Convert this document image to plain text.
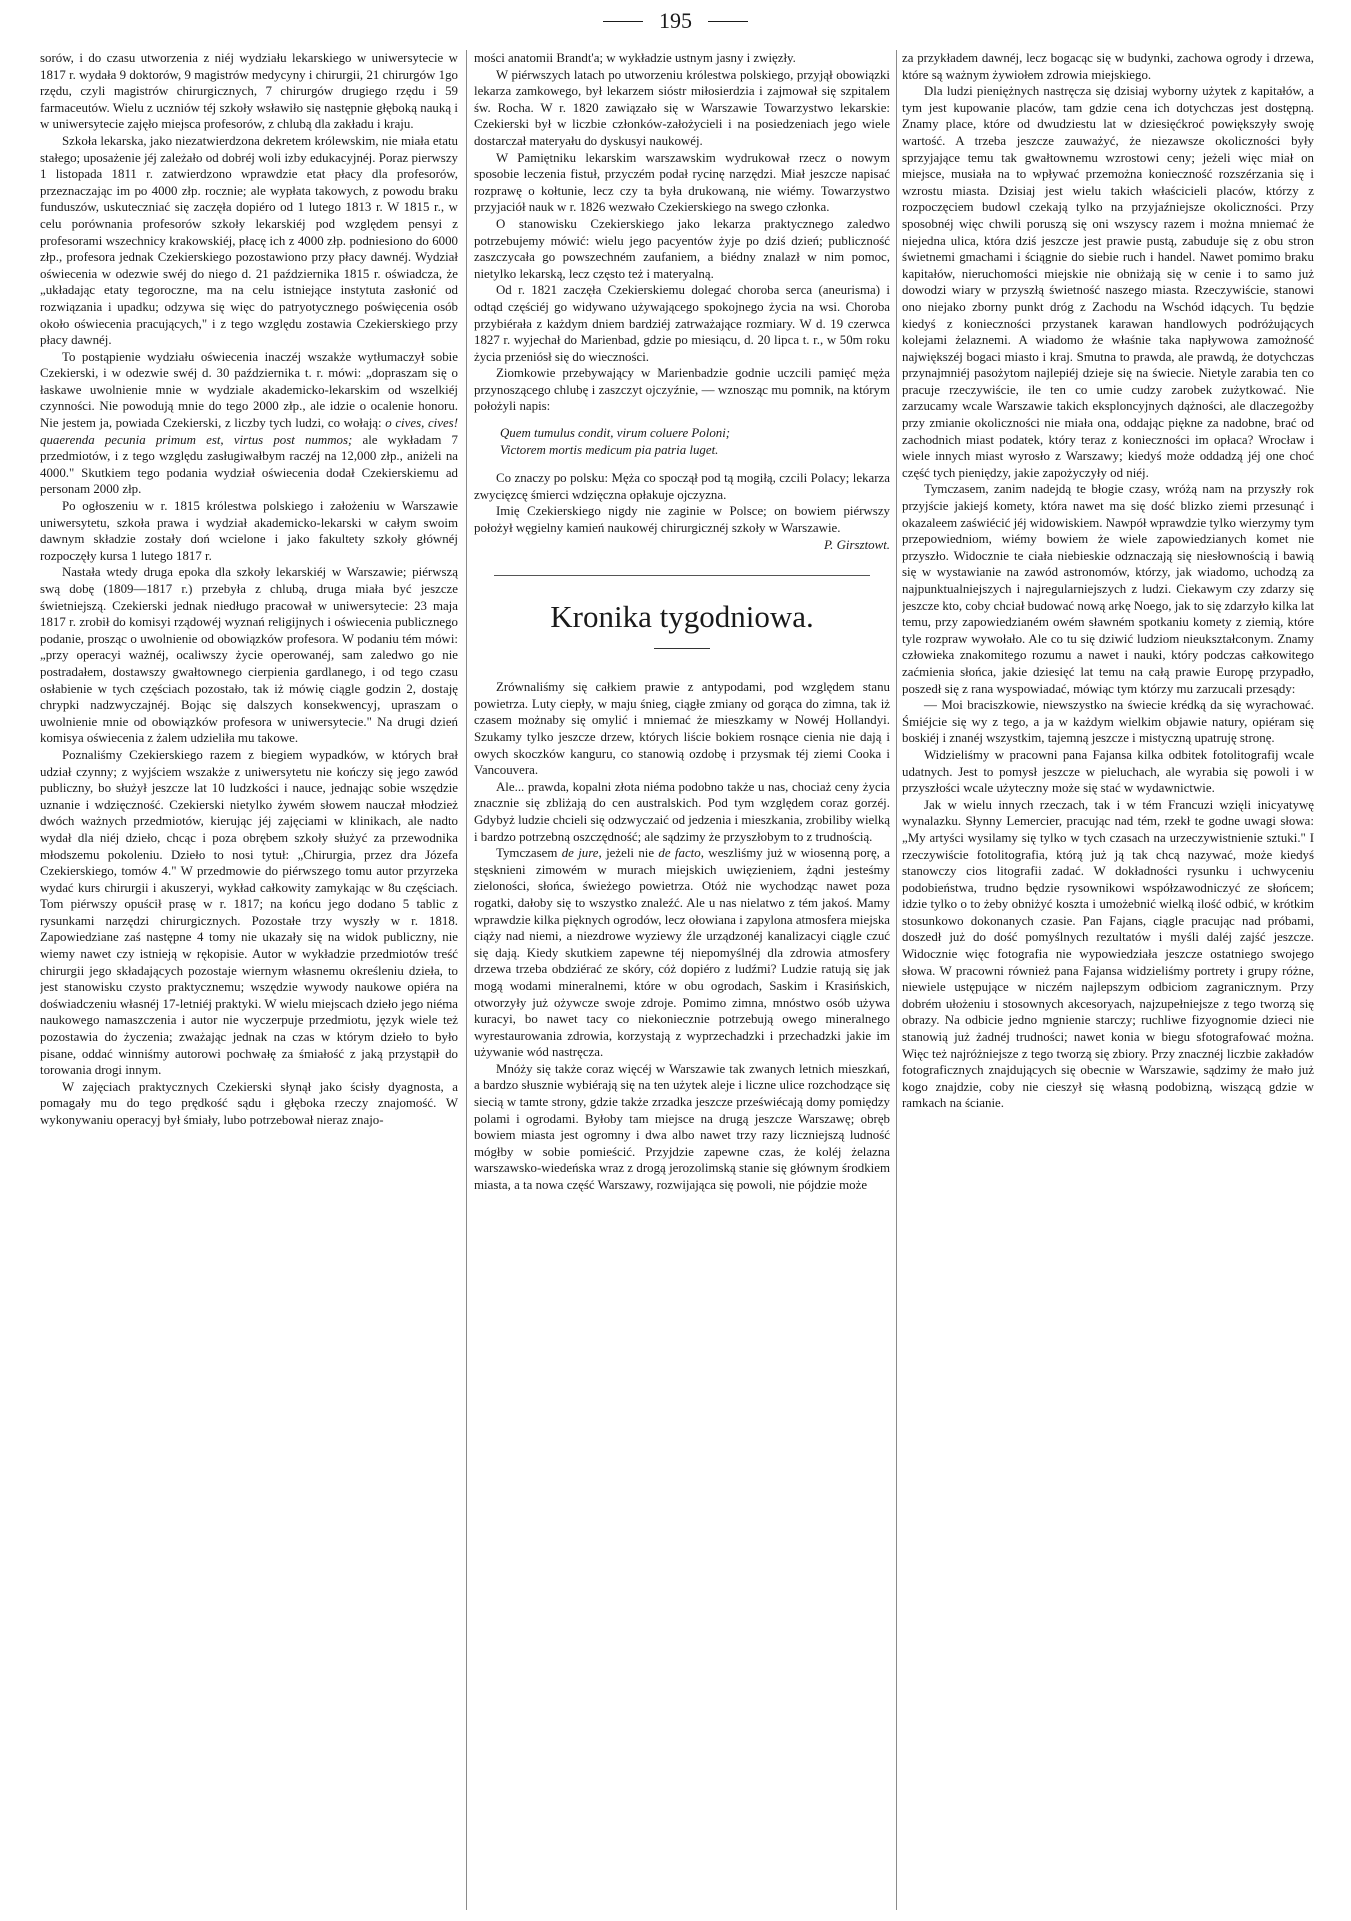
195

sorów, i do czasu utworzenia z niéj wydziału lekarskiego w uniwersytecie w 1817 r. wydała 9 doktorów, 9 magistrów medycyny i chirurgii, 21 chirurgów 1go rzędu, czyli magistrów chirurgicznych, 7 chirurgów drugiego rzędu i 59 farmaceutów. Wielu z uczniów téj szkoły wsławiło się następnie głęboką nauką i w uniwersytecie zajęło miejsca profesorów, z chlubą dla zakładu i kraju.

Szkoła lekarska, jako niezatwierdzona dekretem królewskim, nie miała etatu stałego; uposażenie jéj zależało od dobréj woli izby edukacyjnéj. Poraz pierwszy 1 listopada 1811 r. zatwierdzono wprawdzie etat płacy dla profesorów, przeznaczając im po 4000 złp. rocznie; ale wypłata takowych, z powodu braku funduszów, uskuteczniać się zaczęła dopiéro od 1 lutego 1813 r. W 1815 r., w celu porównania profesorów szkoły lekarskiéj pod względem pensyi z profesorami wszechnicy krakowskiéj, płacę ich z 4000 złp. podniesiono do 6000 złp., profesora jednak Czekierskiego pozostawiono przy płacy dawnéj. Wydział oświecenia w odezwie swéj do niego d. 21 października 1815 r. oświadcza, że „układając etaty tegoroczne, ma na celu istniejące instytuta zasłonić od rozwiązania i upadku; odzywa się więc do patryotycznego poświęcenia osób około oświecenia pracujących," i z tego względu zostawia Czekierskiego przy płacy dawnéj.

To postąpienie wydziału oświecenia inaczéj wszakże wytłumaczył sobie Czekierski, i w odezwie swéj d. 30 października t. r. mówi: „dopraszam się o łaskawe uwolnienie mnie w wydziale akademicko-lekarskim od wszelkiéj czynności. Nie powodują mnie do tego 2000 złp., ale idzie o ocalenie honoru. Nie jestem ja, powiada Czekierski, z liczby tych ludzi, co wołają: o cives, cives! quaerenda pecunia primum est, virtus post nummos; ale wykładam 7 przedmiotów, i z tego względu zasługiwałbym raczéj na 12,000 złp., aniżeli na 4000." Skutkiem tego podania wydział oświecenia dodał Czekierskiemu ad personam 2000 złp.

Po ogłoszeniu w r. 1815 królestwa polskiego i założeniu w Warszawie uniwersytetu, szkoła prawa i wydział akademicko-lekarski w całym swoim dawnym składzie zostały doń wcielone i jako fakultety szkoły głównéj rozpoczęły kursa 1 lutego 1817 r.

Nastała wtedy druga epoka dla szkoły lekarskiéj w Warszawie; piérwszą swą dobę (1809—1817 r.) przebyła z chlubą, druga miała być jeszcze świetniejszą. Czekierski jednak niedługo pracował w uniwersytecie: 23 maja 1817 r. zrobił do komisyi rządowéj wyznań religijnych i oświecenia publicznego podanie, prosząc o uwolnienie od obowiązków profesora. W podaniu tém mówi: „przy operacyi ważnéj, ocaliwszy życie operowanéj, sam zaledwo go nie postradałem, dostawszy gwałtownego cierpienia gardlanego, i od tego czasu osłabienie w tych częściach pozostało, tak iż mówię ciągle godzin 2, dostaję chrypki nadzwyczajnéj. Bojąc się dalszych konsekwencyj, upraszam o uwolnienie mnie od obowiązków profesora w uniwersytecie." Na drugi dzień komisya oświecenia z żalem udzieliła mu takowe.

Poznaliśmy Czekierskiego razem z biegiem wypadków, w których brał udział czynny; z wyjściem wszakże z uniwersytetu nie kończy się jego zawód publiczny, bo służył jeszcze lat 10 ludzkości i nauce, jednając sobie wszędzie uznanie i wdzięczność. Czekierski nietylko żywém słowem nauczał młodzież dwóch ważnych przedmiotów, kierując jéj zajęciami w klinikach, ale nadto wydał dla niéj dzieło, chcąc i poza obrębem szkoły służyć za przewodnika młodszemu pokoleniu. Dzieło to nosi tytuł: „Chirurgia, przez dra Józefa Czekierskiego, tomów 4." W przedmowie do piérwszego tomu autor przyrzeka wydać kurs chirurgii i akuszeryi, wykład całkowity zamykając w 8u częściach. Tom piérwszy opuścił prasę w r. 1817; na końcu jego dodano 5 tablic z rysunkami narzędzi chirurgicznych. Pozostałe trzy wyszły w r. 1818. Zapowiedziane zaś następne 4 tomy nie ukazały się na widok publiczny, nie wiemy nawet czy istnieją w rękopisie. Autor w wykładzie przedmiotów treść chirurgii jego składających pozostaje wiernym własnemu określeniu dzieła, to jest stanowisku czysto praktycznemu; wszędzie wywody naukowe opiéra na doświadczeniu własnéj 17-letniéj praktyki. W wielu miejscach dzieło jego niéma naukowego namaszczenia i autor nie wyczerpuje przedmiotu, język wiele też pozostawia do życzenia; zważając jednak na czas w którym dzieło to było pisane, oddać winniśmy autorowi pochwałę za śmiałość z jaką przystąpił do torowania drogi innym.

W zajęciach praktycznych Czekierski słynął jako ścisły dyagnosta, a pomagały mu do tego prędkość sądu i głęboka rzeczy znajomość. W wykonywaniu operacyj był śmiały, lubo potrzebował nieraz znajo-

mości anatomii Brandt'a; w wykładzie ustnym jasny i zwięzły.

W piérwszych latach po utworzeniu królestwa polskiego, przyjął obowiązki lekarza zamkowego, był lekarzem sióstr miłosierdzia i zajmował się szpitalem św. Rocha. W r. 1820 zawiązało się w Warszawie Towarzystwo lekarskie: Czekierski był w liczbie członków-założycieli i na posiedzeniach jego wiele dostarczał materyału do dyskusyi naukowéj.

W Pamiętniku lekarskim warszawskim wydrukował rzecz o nowym sposobie leczenia fistuł, przyczém podał rycinę narzędzi. Miał jeszcze napisać rozprawę o kołtunie, lecz czy ta była drukowaną, nie wiémy. Towarzystwo przyjaciół nauk w r. 1826 wezwało Czekierskiego na swego członka.

O stanowisku Czekierskiego jako lekarza praktycznego zaledwo potrzebujemy mówić: wielu jego pacyentów żyje po dziś dzień; publiczność zaszczycała go powszechném zaufaniem, a biédny znalazł w nim pomoc, nietylko lekarską, lecz często też i materyalną.

Od r. 1821 zaczęła Czekierskiemu dolegać choroba serca (aneurisma) i odtąd częściéj go widywano używającego spokojnego życia na wsi. Choroba przybiérała z każdym dniem bardziéj zatrważające rozmiary. W d. 19 czerwca 1827 r. wyjechał do Marienbad, gdzie po miesiącu, d. 20 lipca t. r., w 50m roku życia przeniósł się do wieczności.

Ziomkowie przebywający w Marienbadzie godnie uczcili pamięć męża przynoszącego chlubę i zaszczyt ojczyźnie, — wznosząc mu pomnik, na którym położyli napis:

Quem tumulus condit, virum coluere Poloni;
Victorem mortis medicum pia patria luget.

Co znaczy po polsku: Męża co spoczął pod tą mogiłą, czcili Polacy; lekarza zwycięzcę śmierci wdzięczna opłakuje ojczyzna.

Imię Czekierskiego nigdy nie zaginie w Polsce; on bowiem piérwszy położył węgielny kamień naukowéj chirurgicznéj szkoły w Warszawie.

P. Girsztowt.

Kronika tygodniowa.

Zrównaliśmy się całkiem prawie z antypodami, pod względem stanu powietrza. Luty ciepły, w maju śnieg, ciągłe zmiany od gorąca do zimna, tak iż czasem możnaby się omylić i mniemać że mieszkamy w Nowéj Hollandyi. Szukamy tylko jeszcze drzew, których liście bokiem rosnące cienia nie dają i owych skoczków kanguru, co stanowią ozdobę i przysmak téj ziemi Cooka i Vancouvera.

Ale... prawda, kopalni złota niéma podobno także u nas, chociaż ceny życia znacznie się zbliżają do cen australskich. Pod tym względem coraz gorzéj. Gdybyż ludzie chcieli się odzwyczaić od jedzenia i mieszkania, zrobiliby wielką i bardzo potrzebną oszczędność; ale sądzimy że przyszłobym to z trudnością.

Tymczasem de jure, jeżeli nie de facto, weszliśmy już w wiosenną porę, a stęsknieni zimowém w murach miejskich uwięzieniem, żądni jesteśmy zieloności, słońca, świeżego powietrza. Otóż nie wychodząc nawet poza rogatki, dałoby się to wszystko znaleźć. Ale u nas nielatwo z tém jakoś. Mamy wprawdzie kilka pięknych ogrodów, lecz ołowiana i zapylona atmosfera miejska ciąży nad niemi, a niezdrowe wyziewy źle urządzonéj kanalizacyi ciągle czuć się dają. Kiedy skutkiem zapewne téj niepomyślnéj dla zdrowia atmosfery drzewa trzeba obdziérać ze skóry, cóż dopiéro z ludźmi? Ludzie ratują się jak mogą wodami mineralnemi, które w obu ogrodach, Saskim i Krasińskich, otworzyły już ożywcze swoje zdroje. Pomimo zimna, mnóstwo osób używa kuracyi, bo nawet tacy co niekoniecznie potrzebują owego mineralnego wyrestaurowania zdrowia, korzystają z wyprzechadzki i przechadzki jakie im używanie wód nastręcza.

Mnóży się także coraz więcéj w Warszawie tak zwanych letnich mieszkań, a bardzo słusznie wybiérają się na ten użytek aleje i liczne ulice rozchodzące się siecią w tamte strony, gdzie także zrzadka jeszcze przeświécają domy pomiędzy polami i ogrodami. Byłoby tam miejsce na drugą jeszcze Warszawę; obręb bowiem miasta jest ogromny i dwa albo nawet trzy razy liczniejszą ludność mógłby w sobie pomieścić. Przyjdzie zapewne czas, że koléj żelazna warszawsko-wiedeńska wraz z drogą jerozolimską stanie się głównym środkiem miasta, a ta nowa część Warszawy, rozwijająca się powoli, nie pójdzie może

za przykładem dawnéj, lecz bogacąc się w budynki, zachowa ogrody i drzewa, które są ważnym żywiołem zdrowia miejskiego.

Dla ludzi pieniężnych nastręcza się dzisiaj wyborny użytek z kapitałów, a tym jest kupowanie placów, tam gdzie cena ich dotychczas jest dostępną. Znamy place, które od dwudziestu lat w dziesięćkroć powiększyły swoję wartość. A trzeba jeszcze zauważyć, że niezawsze okoliczności były sprzyjające temu tak gwałtownemu wzrostowi ceny; jeżeli więc miał on miejsce, musiała na to wpływać przemożna konieczność rozszérzania się i wzrostu miasta. Dzisiaj jest wielu takich właścicieli placów, którzy z rozpoczęciem budowl czekają tylko na przyjaźniejsze okoliczności. Przy sposobnéj więc chwili poruszą się oni wszyscy razem i można mniemać że niejedna ulica, która dziś jeszcze jest prawie pustą, zabuduje się z obu stron świetnemi gmachami i ściągnie do siebie ruch i handel. Nawet pomimo braku kapitałów, nieruchomości miejskie nie obniżają się w cenie i to samo już dowodzi wiary w przyszłą świetność naszego miasta. Rzeczywiście, stanowi ono niejako zborny punkt dróg z Zachodu na Wschód idących. Tu będzie kiedyś z konieczności przystanek karawan handlowych podróżujących kolejami żelaznemi. A wiadomo że właśnie taka napływowa zamożność największéj bogaci miasto i kraj. Smutna to prawda, ale prawdą, że dotychczas przynajmniéj pasożytom najlepiéj dzieje się na świecie. Nietyle zarabia ten co pracuje rzeczywiście, ile ten co umie cudzy zarobek zużytkować. Nie zarzucamy wcale Warszawie takich eksploncyjnych dążności, ale dlaczegożby przy zmianie okoliczności nie miała ona, oddając piękne za nadobne, brać od zachodnich miast podatek, który teraz z konieczności im opłaca? Wrocław i wiele innych miast wyrosło z Warszawy; kiedyś może oddadzą jéj one choć część tych pieniędzy, jakie zapożyczyły od niéj.

Tymczasem, zanim nadejdą te błogie czasy, wróżą nam na przyszły rok przyjście jakiejś komety, która nawet ma się dość blizko ziemi przesunąć i okazaleem zaświécić jéj widowiskiem. Nawpół wprawdzie tylko wierzymy tym przepowiedniom, wiémy bowiem że wiele zapowiedzianych komet nie przyszło. Widocznie te ciała niebieskie odznaczają się niesłownością i bawią się w wystawianie na zawód astronomów, którzy, jak wiadomo, uchodzą za najpunktualniejszych i najregularniejszych z ludzi. Ciekawym czy zdarzy się jeszcze kto, coby chciał budować nową arkę Noego, jak to się zdarzyło kilka lat temu, przy zapowiedzianém owém sławném spotkaniu komety z ziemią, które tyle rozpraw wywołało. Ale co tu się dziwić ludziom nieukształconym. Znamy człowieka znakomitego rozumu a nawet i nauki, który podczas całkowitego zaćmienia słońca, jakie dziesięć lat temu na całą prawie Europę przypadło, poszedł się z rana wyspowiadać, mówiąc tym którzy mu zarzucali przesądy:

— Moi braciszkowie, niewszystko na świecie krédką da się wyrachować. Śmiéjcie się wy z tego, a ja w każdym wielkim objawie natury, opiéram się boskiéj i znanéj wszystkim, tajemną jeszcze i mistyczną upatruję stronę.

Widzieliśmy w pracowni pana Fajansa kilka odbitek fotolitografij wcale udatnych. Jest to pomysł jeszcze w pieluchach, ale wyrabia się powoli i w przyszłości wcale użyteczny może się stać w wydawnictwie.

Jak w wielu innych rzeczach, tak i w tém Francuzi wzięli inicyatywę wynalazku. Słynny Lemercier, pracując nad tém, rzekł te godne uwagi słowa: „My artyści wysilamy się tylko w tych czasach na urzeczywistnienie sztuki." I rzeczywiście fotolitografia, którą już ją tak chcą nazywać, może kiedyś stanowczy cios litografii zadać. W dokładności rysunku i uchwyceniu podobieństwa, trudno będzie rysownikowi współzawodniczyć ze słońcem; idzie tylko o to żeby obniżyć koszta i umożebnić wielką ilość odbić, w krótkim stosunkowo dokonanych czasie. Pan Fajans, ciągle pracując nad próbami, doszedł już do dość pomyślnych rezultatów i myśli daléj zajść jeszcze. Widocznie więc fotografia nie wypowiedziała jeszcze ostatniego swojego słowa. W pracowni również pana Fajansa widzieliśmy portrety i grupy różne, niewiele ustępujące w niczém najlepszym odbiciom zagranicznym. Przy dobrém ułożeniu i stosownych akcesoryach, najzupełniejsze z tego tworzą się obrazy. Na odbicie jedno mgnienie starczy; ruchliwe fizyognomie dzieci nie stanowią już żadnéj trudności; nawet konia w biegu sfotografować można. Więc też najróżniejsze z tego tworzą się zbiory. Przy znacznéj liczbie zakładów fotograficznych znajdujących się obecnie w Warszawie, sądzimy że mało już kogo znajdzie, coby nie cieszył się własną podobizną, wiszącą gdzie w ramkach na ścianie.
